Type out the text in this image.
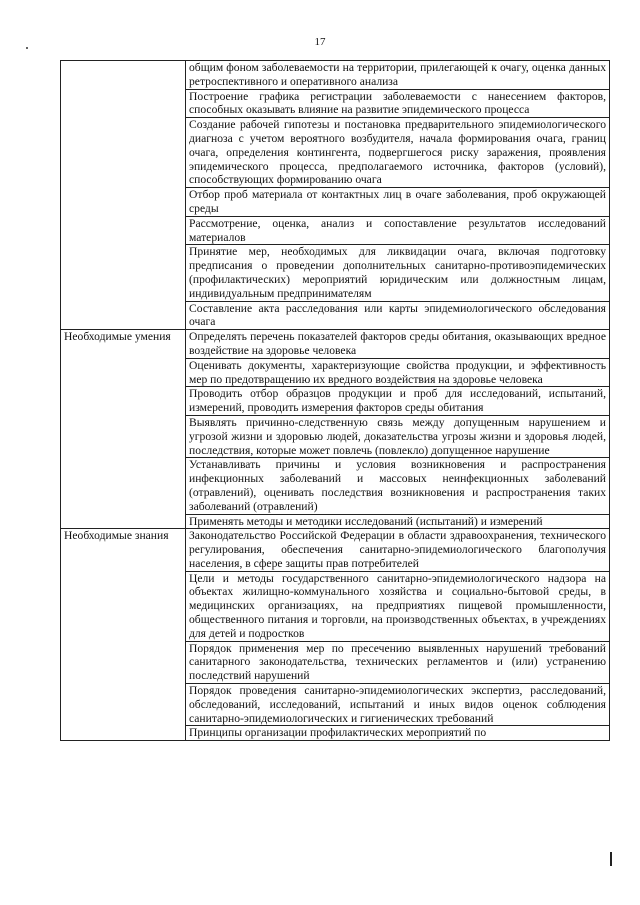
17
	общим фоном заболеваемости на территории, прилегающей к очагу, оценка данных ретроспективного и оперативного анализа
	Построение графика регистрации заболеваемости с нанесением факторов, способных оказывать влияние на развитие эпидемического процесса
	Создание рабочей гипотезы и постановка предварительного эпидемиологического диагноза с учетом вероятного возбудителя, начала формирования очага, границ очага, определения контингента, подвергшегося риску заражения, проявления эпидемического процесса, предполагаемого источника, факторов (условий), способствующих формированию очага
	Отбор проб материала от контактных лиц в очаге заболевания, проб окружающей среды
	Рассмотрение, оценка, анализ и сопоставление результатов исследований материалов
	Принятие мер, необходимых для ликвидации очага, включая подготовку предписания о проведении дополнительных санитарно-противоэпидемических (профилактических) мероприятий юридическим или должностным лицам, индивидуальным предпринимателям
	Составление акта расследования или карты эпидемиологического обследования очага
Необходимые умения	Определять перечень показателей факторов среды обитания, оказывающих вредное воздействие на здоровье человека
	Оценивать документы, характеризующие свойства продукции, и эффективность мер по предотвращению их вредного воздействия на здоровье человека
	Проводить отбор образцов продукции и проб для исследований, испытаний, измерений, проводить измерения факторов среды обитания
	Выявлять причинно-следственную связь между допущенным нарушением и угрозой жизни и здоровью людей, доказательства угрозы жизни и здоровья людей, последствия, которые может повлечь (повлекло) допущенное нарушение
	Устанавливать причины и условия возникновения и распространения инфекционных заболеваний и массовых неинфекционных заболеваний (отравлений), оценивать последствия возникновения и распространения таких заболеваний (отравлений)
	Применять методы и методики исследований (испытаний) и измерений
Необходимые знания	Законодательство Российской Федерации в области здравоохранения, технического регулирования, обеспечения санитарно-эпидемиологического благополучия населения, в сфере защиты прав потребителей
	Цели и методы государственного санитарно-эпидемиологического надзора на объектах жилищно-коммунального хозяйства и социально-бытовой среды, в медицинских организациях, на предприятиях пищевой промышленности, общественного питания и торговли, на производственных объектах, в учреждениях для детей и подростков
	Порядок применения мер по пресечению выявленных нарушений требований санитарного законодательства, технических регламентов и (или) устранению последствий нарушений
	Порядок проведения санитарно-эпидемиологических экспертиз, расследований, обследований, исследований, испытаний и иных видов оценок соблюдения санитарно-эпидемиологических и гигиенических требований
	Принципы организации профилактических мероприятий по
